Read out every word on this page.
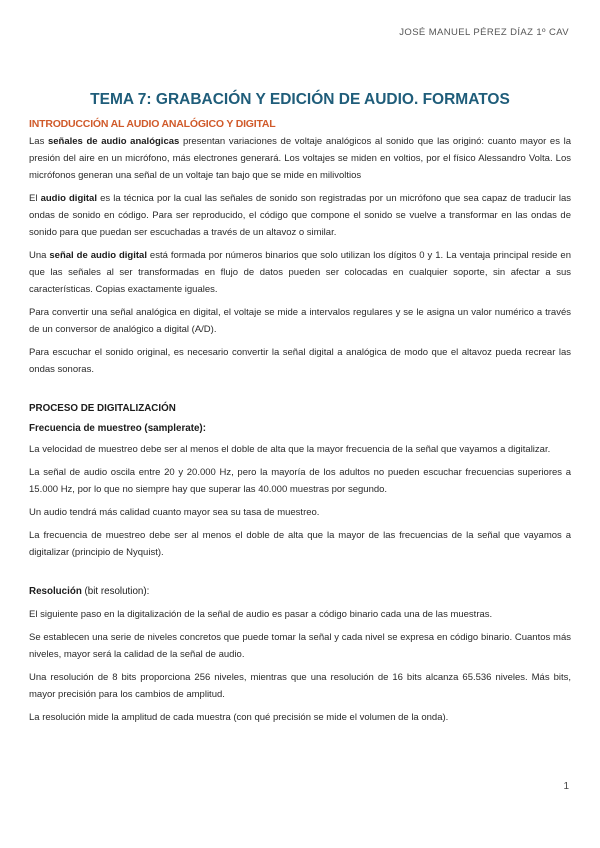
JOSÉ MANUEL PÉREZ DÍAZ 1º CAV
TEMA 7: GRABACIÓN Y EDICIÓN DE AUDIO. FORMATOS
INTRODUCCIÓN AL AUDIO ANALÓGICO Y DIGITAL

Las señales de audio analógicas presentan variaciones de voltaje analógicos al sonido que las originó: cuanto mayor es la presión del aire en un micrófono, más electrones generará. Los voltajes se miden en voltios, por el físico Alessandro Volta. Los micrófonos generan una señal de un voltaje tan bajo que se mide en milivoltios

El audio digital es la técnica por la cual las señales de sonido son registradas por un micrófono que sea capaz de traducir las ondas de sonido en código. Para ser reproducido, el código que compone el sonido se vuelve a transformar en las ondas de sonido para que puedan ser escuchadas a través de un altavoz o similar.

Una señal de audio digital está formada por números binarios que solo utilizan los dígitos 0 y 1. La ventaja principal reside en que las señales al ser transformadas en flujo de datos pueden ser colocadas en cualquier soporte, sin afectar a sus características. Copias exactamente iguales.

Para convertir una señal analógica en digital, el voltaje se mide a intervalos regulares y se le asigna un valor numérico a través de un conversor de analógico a digital (A/D).

Para escuchar el sonido original, es necesario convertir la señal digital a analógica de modo que el altavoz pueda recrear las ondas sonoras.

PROCESO DE DIGITALIZACIÓN

Frecuencia de muestreo (samplerate):

La velocidad de muestreo debe ser al menos el doble de alta que la mayor frecuencia de la señal que vayamos a digitalizar.

La señal de audio oscila entre 20 y 20.000 Hz, pero la mayoría de los adultos no pueden escuchar frecuencias superiores a 15.000 Hz, por lo que no siempre hay que superar las 40.000 muestras por segundo.

Un audio tendrá más calidad cuanto mayor sea su tasa de muestreo.

La frecuencia de muestreo debe ser al menos el doble de alta que la mayor de las frecuencias de la señal que vayamos a digitalizar (principio de Nyquist).

Resolución (bit resolution):

El siguiente paso en la digitalización de la señal de audio es pasar a código binario cada una de las muestras.

Se establecen una serie de niveles concretos que puede tomar la señal y cada nivel se expresa en código binario. Cuantos más niveles, mayor será la calidad de la señal de audio.

Una resolución de 8 bits proporciona 256 niveles, mientras que una resolución de 16 bits alcanza 65.536 niveles. Más bits, mayor precisión para los cambios de amplitud.

La resolución mide la amplitud de cada muestra (con qué precisión se mide el volumen de la onda).

1
